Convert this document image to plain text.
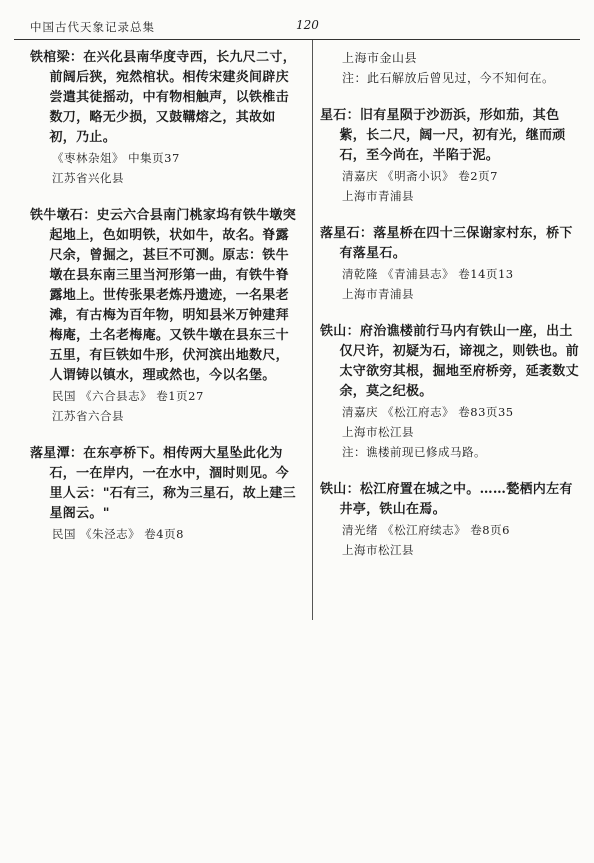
中国古代天象记录总集	120

铁棺梁：在兴化县南华度寺西，长九尺二寸，前阔后狭，宛然棺状。相传宋建炎间辟庆尝遣其徒摇动，中有物相触声，以铁椎击数刀，略无少损，又鼓鞲熔之，其故如初，乃止。

《枣林杂俎》 中集页37

江苏省兴化县

铁牛墩石：史云六合县南门桃家坞有铁牛墩突起地上，色如明铁，状如牛，故名。脊露尺余，曾掘之，甚巨不可测。原志：铁牛墩在县东南三里当河形第一曲，有铁牛脊露地上。世传张果老炼丹遗迹，一名果老滩，有古梅为百年物，明知县米万钟建拜梅庵，土名老梅庵。又铁牛墩在县东三十五里，有巨铁如牛形，伏河滨出地数尺，人谓铸以镇水，理或然也，今以名堡。

民国 《六合县志》 卷1页27

江苏省六合县

落星潭：在东亭桥下。相传两大星坠此化为石，一在岸内，一在水中，涸时则见。今里人云："石有三，称为三星石，故上建三星阁云。"

民国 《朱泾志》 卷4页8

上海市金山县

注：此石解放后曾见过，今不知何在。

星石：旧有星陨于沙沥浜，形如茄，其色紫，长二尺，阔一尺，初有光，继而顽石，至今尚在，半陷于泥。

清嘉庆 《明斋小识》 卷2页7

上海市青浦县

落星石：落星桥在四十三保谢家村东，桥下有落星石。

清乾隆 《青浦县志》 卷14页13

上海市青浦县

铁山：府治谯楼前行马内有铁山一座，出土仅尺许，初疑为石，谛视之，则铁也。前太守欲穷其根，掘地至府桥旁，延袤数丈余，莫之纪极。

清嘉庆 《松江府志》 卷83页35

上海市松江县

注：谯楼前现已修成马路。

铁山：松江府置在城之中。……甃栖内左有井亭，铁山在焉。

清光绪 《松江府续志》 卷8页6

上海市松江县
